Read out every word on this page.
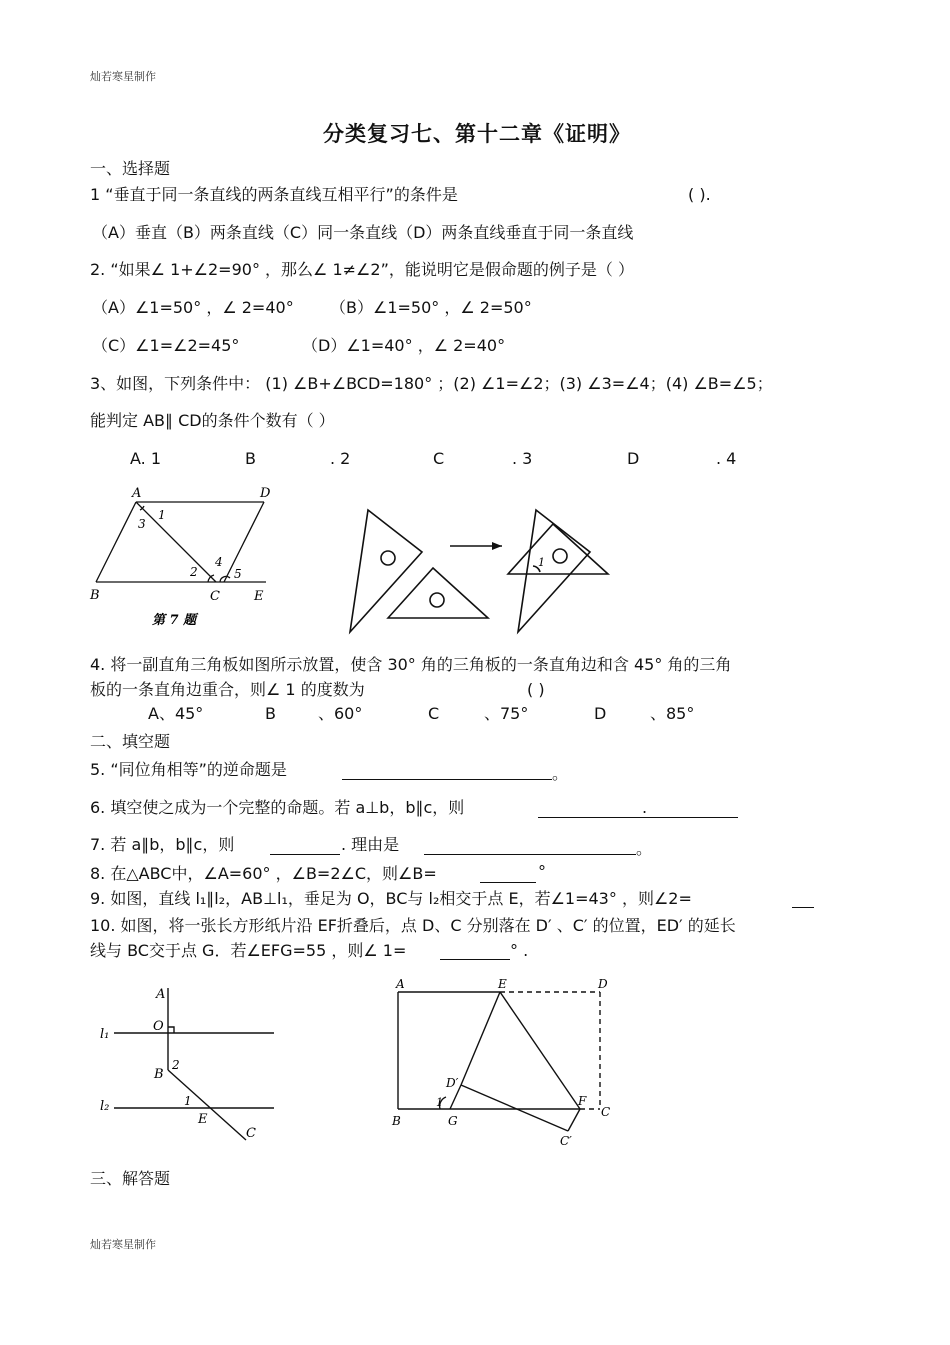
灿若寒星制作
灿若寒星制作
分类复习七、第十二章《证明》
一、选择题
1 “垂直于同一条直线的两条直线互相平行”的条件是	( ).
（A）垂直（B）两条直线（C）同一条直线（D）两条直线垂直于同一条直线
2. “如果∠ 1+∠2=90° ，那么∠ 1≠∠2”，能说明它是假命题的例子是（ ）
（A）∠1=50° ，∠ 2=40° （B）∠1=50° ，∠ 2=50°
（C）∠1=∠2=45°	（D）∠1=40° ，∠ 2=40°
3、如图，下列条件中： (1) ∠B+∠BCD=180° ；(2) ∠1=∠2；(3) ∠3=∠4；(4) ∠B=∠5；
能判定 AB∥ CD的条件个数有（ ）
A. 1	B	. 2	C	. 3	D	. 4
A	D
B	C	E
1
3
2
4
5
第 7 题
1
4. 将一副直角三角板如图所示放置，使含 30° 角的三角板的一条直角边和含 45° 角的三角
板的一条直角边重合，则∠ 1 的度数为	( )
A、45°	B	、60°	C	、75°	D	、85°
二、填空题
5. “同位角相等”的逆命题是	。
6. 填空使之成为一个完整的命题。若 a⊥b，b∥c，则	.
7. 若 a∥b，b∥c，则	. 理由是	。
8. 在△ABC中，∠A=60° ，∠B=2∠C，则∠B=	°
9. 如图，直线 l₁∥l₂，AB⊥l₁，垂足为 O，BC与 l₂相交于点 E，若∠1=43° ，则∠2=
10. 如图，将一张长方形纸片沿 EF折叠后，点 D、C 分别落在 D′ 、C′ 的位置，ED′ 的延长
线与 BC交于点 G．若∠EFG=55 ，则∠ 1=	° .
A
O
l₁
2
B
l₂	1
E
C
A	E	D
D′
1
B	G
F
C
C′
三、解答题
